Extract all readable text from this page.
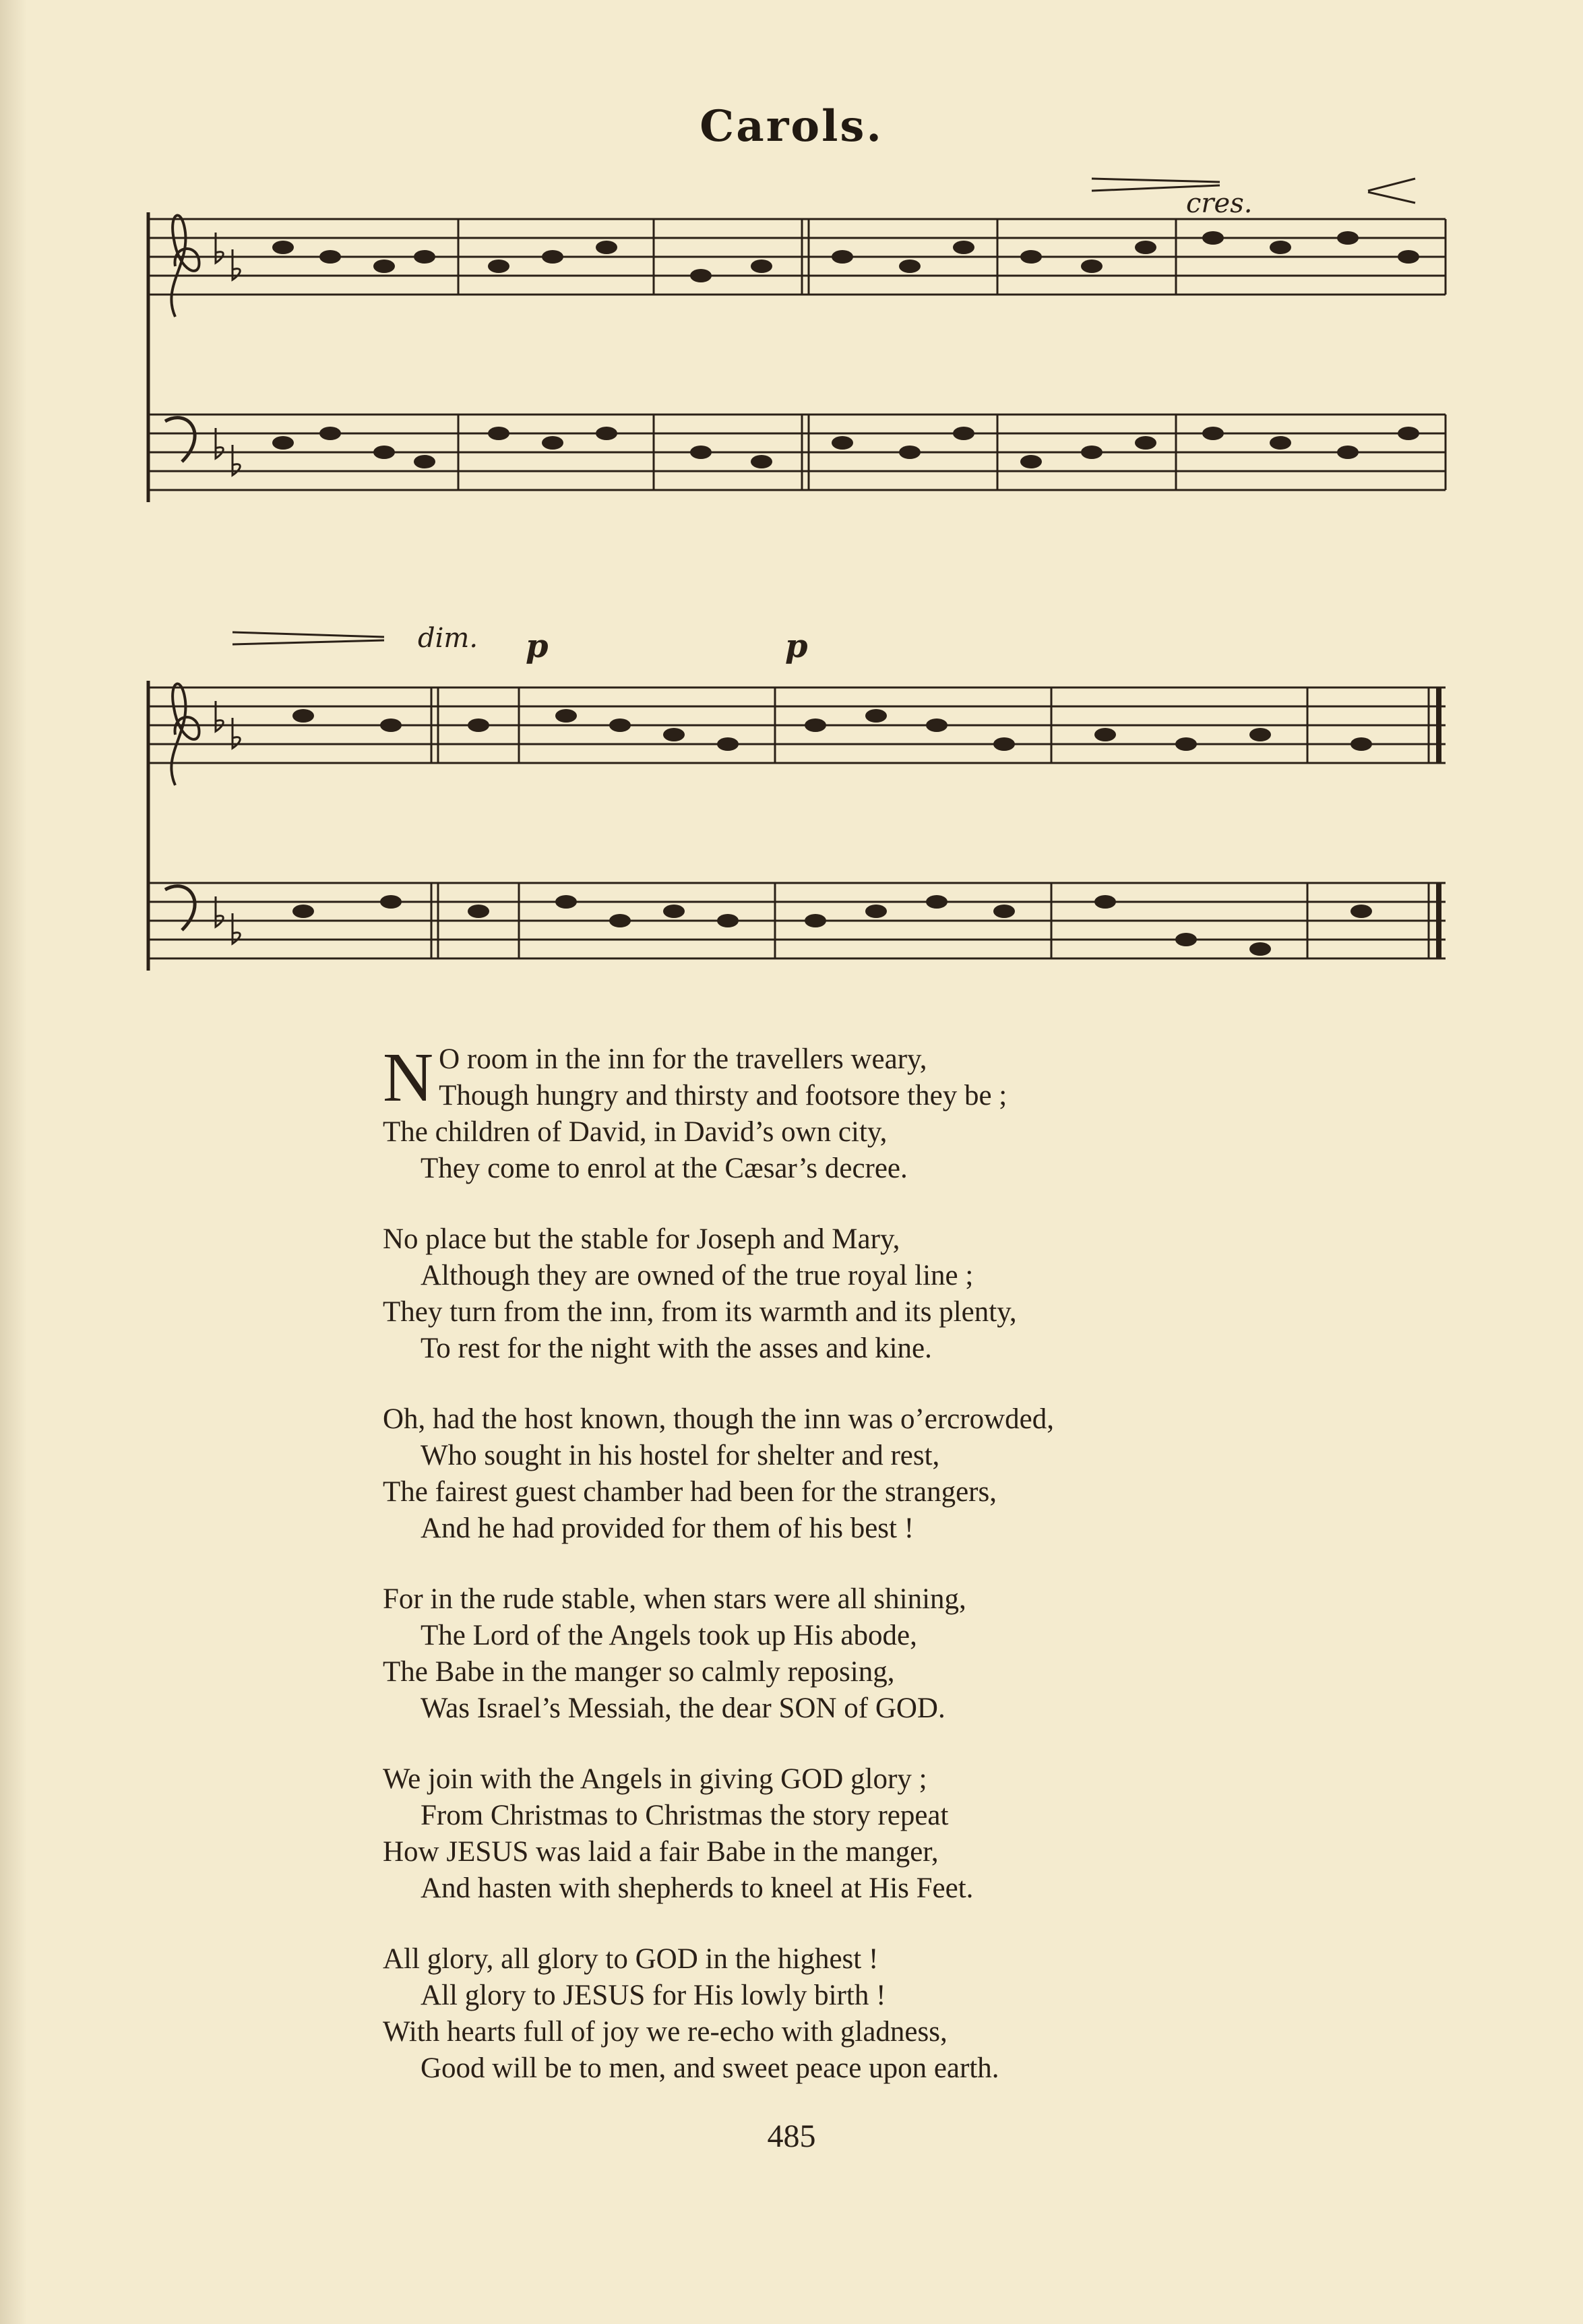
Carols.
cres.
dim. p	p
N O room in the inn for the travellers weary,
Though hungry and thirsty and footsore they be ;
The children of David, in David’s own city,
They come to enrol at the Cæsar’s decree.
No place but the stable for Joseph and Mary,
Although they are owned of the true royal line ;
They turn from the inn, from its warmth and its plenty,
To rest for the night with the asses and kine.
Oh, had the host known, though the inn was o’ercrowded,
Who sought in his hostel for shelter and rest,
The fairest guest chamber had been for the strangers,
And he had provided for them of his best !
For in the rude stable, when stars were all shining,
The Lord of the Angels took up His abode,
The Babe in the manger so calmly reposing,
Was Israel’s Messiah, the dear SON of GOD.
We join with the Angels in giving GOD glory ;
From Christmas to Christmas the story repeat
How JESUS was laid a fair Babe in the manger,
And hasten with shepherds to kneel at His Feet.
All glory, all glory to GOD in the highest !
All glory to JESUS for His lowly birth !
With hearts full of joy we re-echo with gladness,
Good will be to men, and sweet peace upon earth.
485
